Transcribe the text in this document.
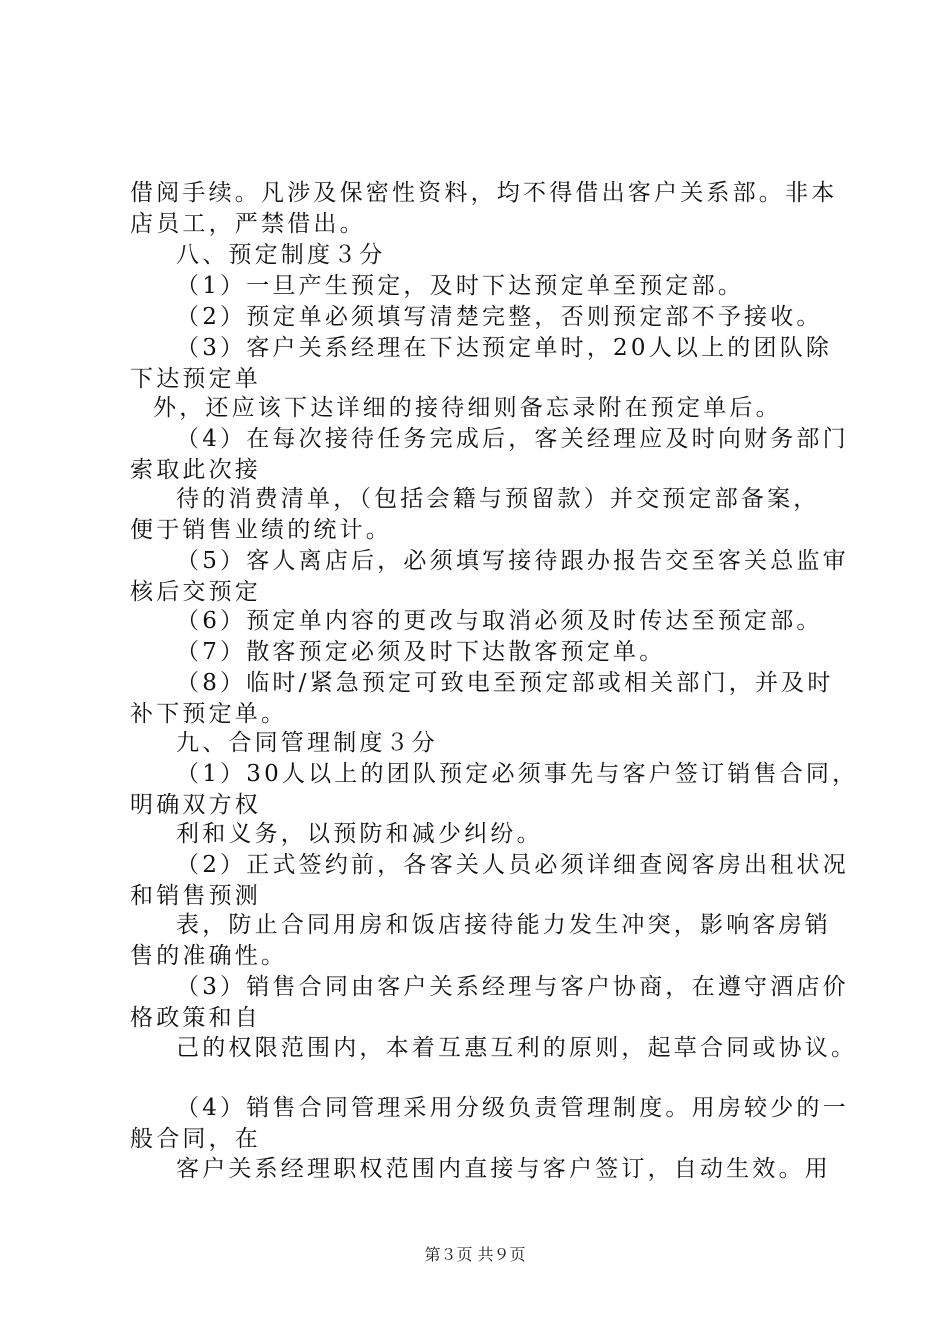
借阅手续。凡涉及保密性资料，均不得借出客户关系部。非本
店员工，严禁借出。
八、预定制度３分
（1）一旦产生预定，及时下达预定单至预定部。
（2）预定单必须填写清楚完整，否则预定部不予接收。
（3）客户关系经理在下达预定单时，20人以上的团队除
下达预定单
外，还应该下达详细的接待细则备忘录附在预定单后。
（4）在每次接待任务完成后，客关经理应及时向财务部门
索取此次接
待的消费清单，（包括会籍与预留款）并交预定部备案，
便于销售业绩的统计。
（5）客人离店后，必须填写接待跟办报告交至客关总监审
核后交预定
（6）预定单内容的更改与取消必须及时传达至预定部。
（7）散客预定必须及时下达散客预定单。
（8）临时/紧急预定可致电至预定部或相关部门，并及时
补下预定单。
九、合同管理制度３分
（1）30人以上的团队预定必须事先与客户签订销售合同，
明确双方权
利和义务，以预防和减少纠纷。
（2）正式签约前，各客关人员必须详细查阅客房出租状况
和销售预测
表，防止合同用房和饭店接待能力发生冲突，影响客房销
售的准确性。
（3）销售合同由客户关系经理与客户协商，在遵守酒店价
格政策和自
己的权限范围内，本着互惠互利的原则，起草合同或协议。
（4）销售合同管理采用分级负责管理制度。用房较少的一
般合同，在
客户关系经理职权范围内直接与客户签订，自动生效。用
第３页 共９页
